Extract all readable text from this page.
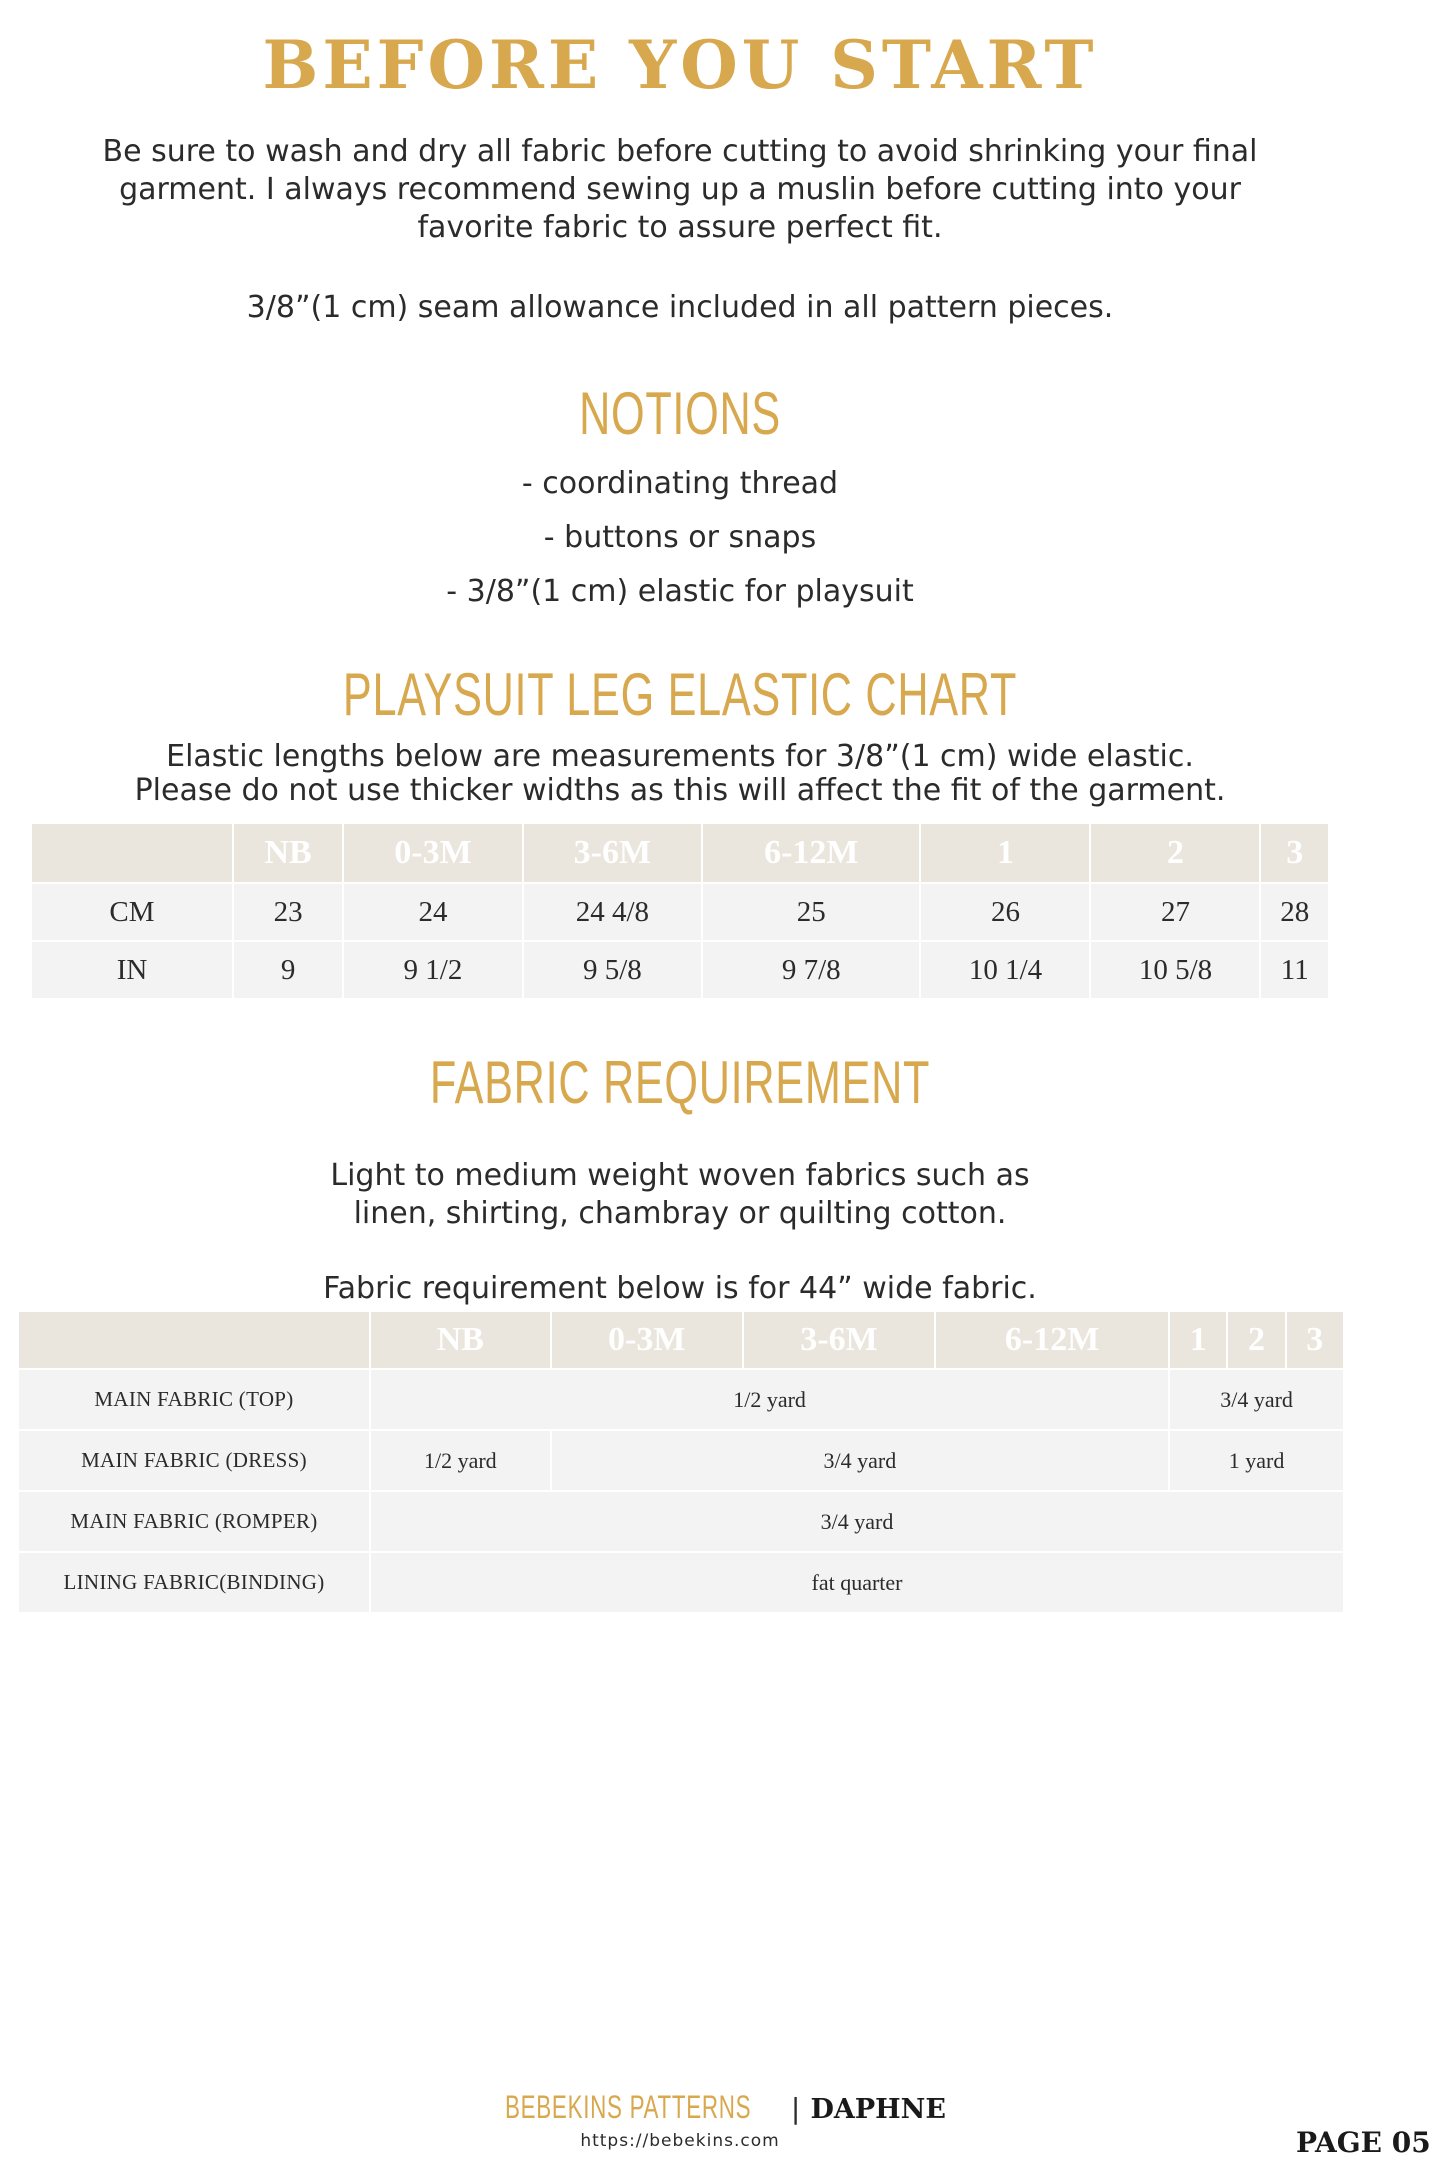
BEFORE YOU START
Be sure to wash and dry all fabric before cutting to avoid shrinking your final
garment. I always recommend sewing up a muslin before cutting into your
favorite fabric to assure perfect fit.
3/8”(1 cm) seam allowance included in all pattern pieces.
NOTIONS
- coordinating thread
- buttons or snaps
- 3/8”(1 cm) elastic for playsuit
PLAYSUIT LEG ELASTIC CHART
Elastic lengths below are measurements for 3/8”(1 cm) wide elastic.
Please do not use thicker widths as this will affect the fit of the garment.
	NB	0-3M	3-6M	6-12M	1	2	3
CM	23	24	24 4/8	25	26	27	28
IN	9	9 1/2	9 5/8	9 7/8	10 1/4	10 5/8	11
FABRIC REQUIREMENT
Light to medium weight woven fabrics such as
linen, shirting, chambray or quilting cotton.
Fabric requirement below is for 44” wide fabric.
	NB	0-3M	3-6M	6-12M	1	2	3
MAIN FABRIC (TOP)	1/2 yard				3/4 yard		
MAIN FABRIC (DRESS)	1/2 yard	3/4 yard			1 yard		
MAIN FABRIC (ROMPER)	3/4 yard						
LINING FABRIC(BINDING)	fat quarter						
BEBEKINS PATTERNS | DAPHNE
https://bebekins.com	PAGE 05
